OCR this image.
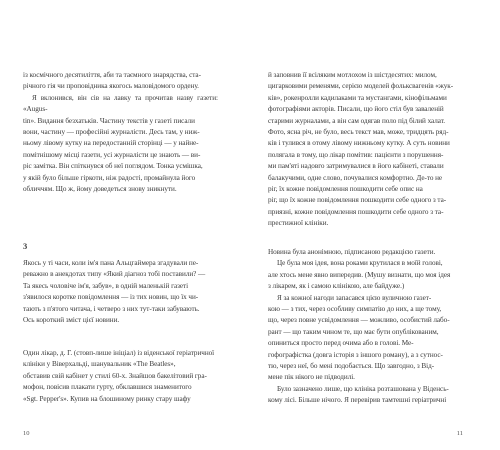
із космічного десятиліття, аби та таємного знарядства, ста-

річного гія чи проповідника якогось маловідомого ордену.

Я вклонився, він сів на лавку та прочитав назву газети: «Augus-

tin». Видання безхатьків. Частину текстів у газеті писали

вони, частину — професійні журналісти. Десь там, у ниж-

ньому лівому кутку на передостанній сторінці — у найне-

помітнішому місці газети, усі журналісти це знають — ви-

ріс замітка. Він спіткнувся об неї поглядом. Тонка усмішка,

у якій було більше гіркоти, ніж радості, промайнула його

обличчям. Що ж, йому доведеться знову зникнути.

3

Якось у ті часи, коли ім'я пана Альцгаймера згадували пе-

реважно в анекдотах типу «Який діагноз тобі поставили? —

Та якесь чоловіче ім'я, забув», в одній маленькій газеті

з'явилося коротке повідомлення — із тих новин, що їх чи-

тають з п'ятого читача, і четверо з них тут-таки забувають.

Ось короткий зміст цієї новини.

Один лікар, д. Г. (стовп-лише ініціал) із віденської геріатричної

клініки у Віверхальді, шанувальник «The Beatles»,

обставив свій кабінет у стилі 60-х. Знайшов бакелітовий гра-

мофон, повісив плакати гурту, обклавшися знаменитого

«Sgt. Pepper's». Купив на блошиному ринку стару шафу

10

й заповнив її всіляким мотлохом із шістдесятих: милом,

цигарковими ременями, серією моделей фольксвагенів «жук-

ків», рокенролли кадилаками та мустангами, кінофільмами

фотографіями акторів. Писали, що його стіл був заваленій

старими журналами, а він сам одягав поло під білий халат.

Фото, ясна річ, не було, весь текст мав, може, тридцять ряд-

ків і тулився в отому лівому нижньому кутку. А суть новини

полягала в тому, що лікар помітив: пацієнти з порушення-

ми пам'яті надовго затримувалися в його кабінеті, ставали

балакучими, одне слово, почувалися комфортно. Де-то не

ріг, їх кожне повідомлення пошкодити себе опис на

ріг, що їх кожне повідомлення пошкодити себе одного з та-

приязні, кожне повідомлення пошкодити себе одного з та-

престижної клініки.

Новина була анонімною, підписаною редакцією газети.

Це була моя ідея, вона роками крутилася в моїй голові,

але хтось мене явно випередив. (Мушу визнати, що моя ідея

з лікарем, як і самою клінікою, але байдуже.)

Я за кожної нагоди запасався цією вуличною газет-

кою — з тих, через особливу симпатію до них, а ще тому,

що, через повне усвідомлення — можливо, особистий лабо-

рант — що таким чином те, що має бути опублікованим,

опиниться просто перед очима або в голові. Ме-

гофографістка (довга історія з іншого роману), а з сутнос-

тю, через неї, бо мені подобається. Що завгодно, з Від-

мене пік нікого не підводилі.

Було зазначено лише, що клініка розташована у Віденсь-

кому лісі. Більше нічого. Я перевірив тамтешні геріатричні

11
